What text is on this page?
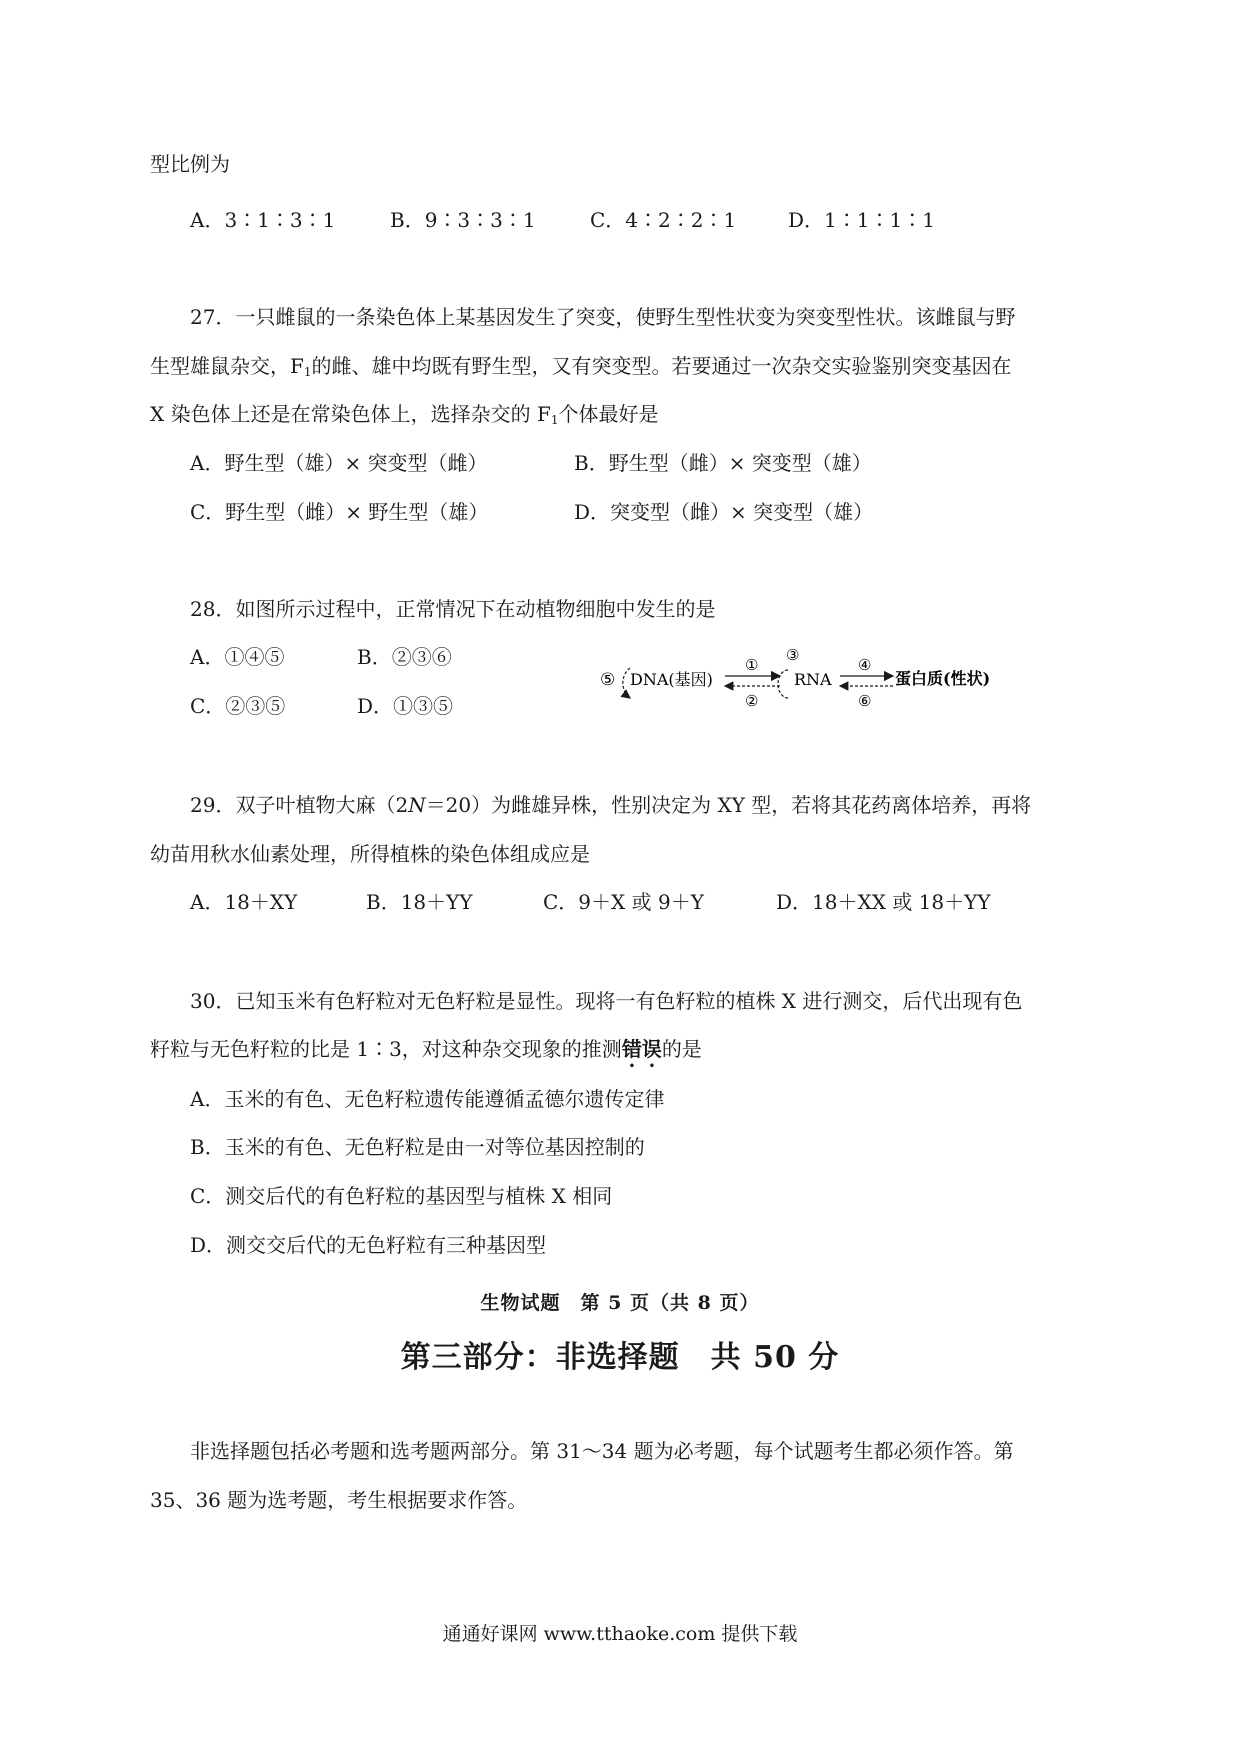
型比例为
A．3∶1∶3∶1	B．9∶3∶3∶1	C．4∶2∶2∶1	D．1∶1∶1∶1
27．一只雌鼠的一条染色体上某基因发生了突变，使野生型性状变为突变型性状。该雌鼠与野
生型雄鼠杂交，$F_1$的雌、雄中均既有野生型，又有突变型。若要通过一次杂交实验鉴别突变基因在
X 染色体上还是在常染色体上，选择杂交的 $F_1$个体最好是
A．野生型（雄）× 突变型（雌）	B．野生型（雌）× 突变型（雄）
C．野生型（雌）× 野生型（雄）	D．突变型（雌）× 突变型（雄）
28．如图所示过程中，正常情况下在动植物细胞中发生的是
A．①④⑤	B．②③⑥
C．②③⑤	D．①③⑤
⑤ DNA(基因)
①
②
③
RNA
④
⑥
蛋白质(性状)
29．双子叶植物大麻（2N＝20）为雌雄异株，性别决定为 XY 型，若将其花药离体培养，再将
幼苗用秋水仙素处理，所得植株的染色体组成应是
A．18＋XY	B．18＋YY	C．9＋X 或 9＋Y	D．18＋XX 或 18＋YY
30．已知玉米有色籽粒对无色籽粒是显性。现将一有色籽粒的植株 X 进行测交，后代出现有色
籽粒与无色籽粒的比是 1∶3，对这种杂交现象的推测错误的是
A．玉米的有色、无色籽粒遗传能遵循孟德尔遗传定律
B．玉米的有色、无色籽粒是由一对等位基因控制的
C．测交后代的有色籽粒的基因型与植株 X 相同
D．测交交后代的无色籽粒有三种基因型
生物试题　第 5 页（共 8 页）
第三部分：非选择题　共 50 分
非选择题包括必考题和选考题两部分。第 31～34 题为必考题，每个试题考生都必须作答。第
35、36 题为选考题，考生根据要求作答。
通通好课网 www.tthaoke.com 提供下载
